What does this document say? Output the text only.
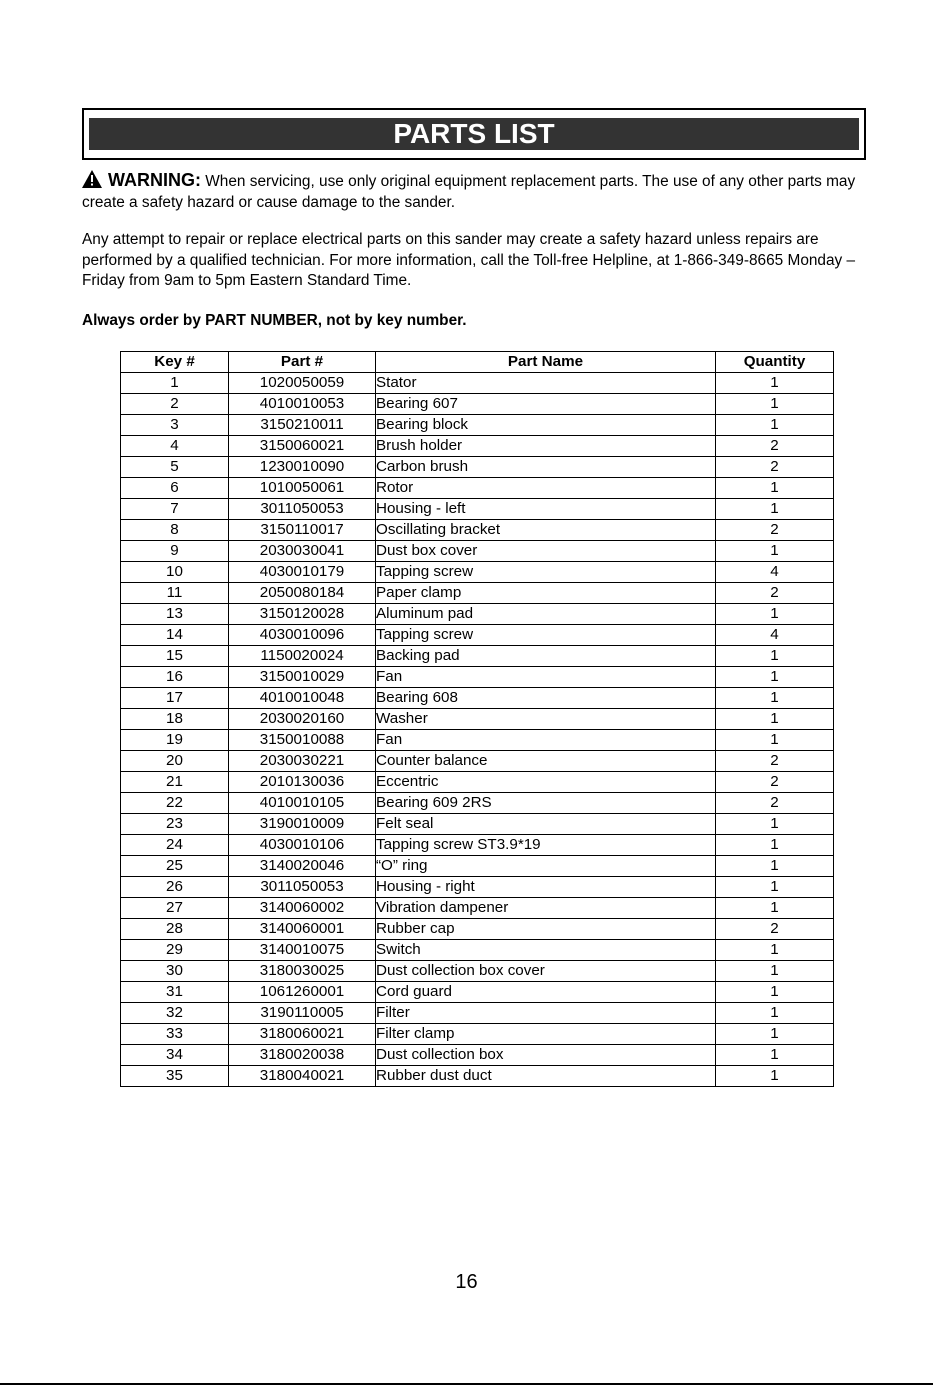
PARTS LIST
WARNING: When servicing, use only original equipment replacement parts. The use of any other parts may create a safety hazard or cause damage to the sander.
Any attempt to repair or replace electrical parts on this sander may create a safety hazard unless repairs are performed by a qualified technician. For more information, call the Toll-free Helpline, at 1-866-349-8665 Monday – Friday from 9am to 5pm Eastern Standard Time.
Always order by PART NUMBER, not by key number.
Key #	Part #	Part Name	Quantity
1	1020050059	Stator	1
2	4010010053	Bearing 607	1
3	3150210011	Bearing block	1
4	3150060021	Brush holder	2
5	1230010090	Carbon brush	2
6	1010050061	Rotor	1
7	3011050053	Housing - left	1
8	3150110017	Oscillating bracket	2
9	2030030041	Dust box cover	1
10	4030010179	Tapping screw	4
11	2050080184	Paper clamp	2
13	3150120028	Aluminum pad	1
14	4030010096	Tapping screw	4
15	1150020024	Backing pad	1
16	3150010029	Fan	1
17	4010010048	Bearing 608	1
18	2030020160	Washer	1
19	3150010088	Fan	1
20	2030030221	Counter balance	2
21	2010130036	Eccentric	2
22	4010010105	Bearing 609 2RS	2
23	3190010009	Felt seal	1
24	4030010106	Tapping screw ST3.9*19	1
25	3140020046	“O” ring	1
26	3011050053	Housing - right	1
27	3140060002	Vibration dampener	1
28	3140060001	Rubber cap	2
29	3140010075	Switch	1
30	3180030025	Dust collection box cover	1
31	1061260001	Cord guard	1
32	3190110005	Filter	1
33	3180060021	Filter clamp	1
34	3180020038	Dust collection box	1
35	3180040021	Rubber dust duct	1
16
